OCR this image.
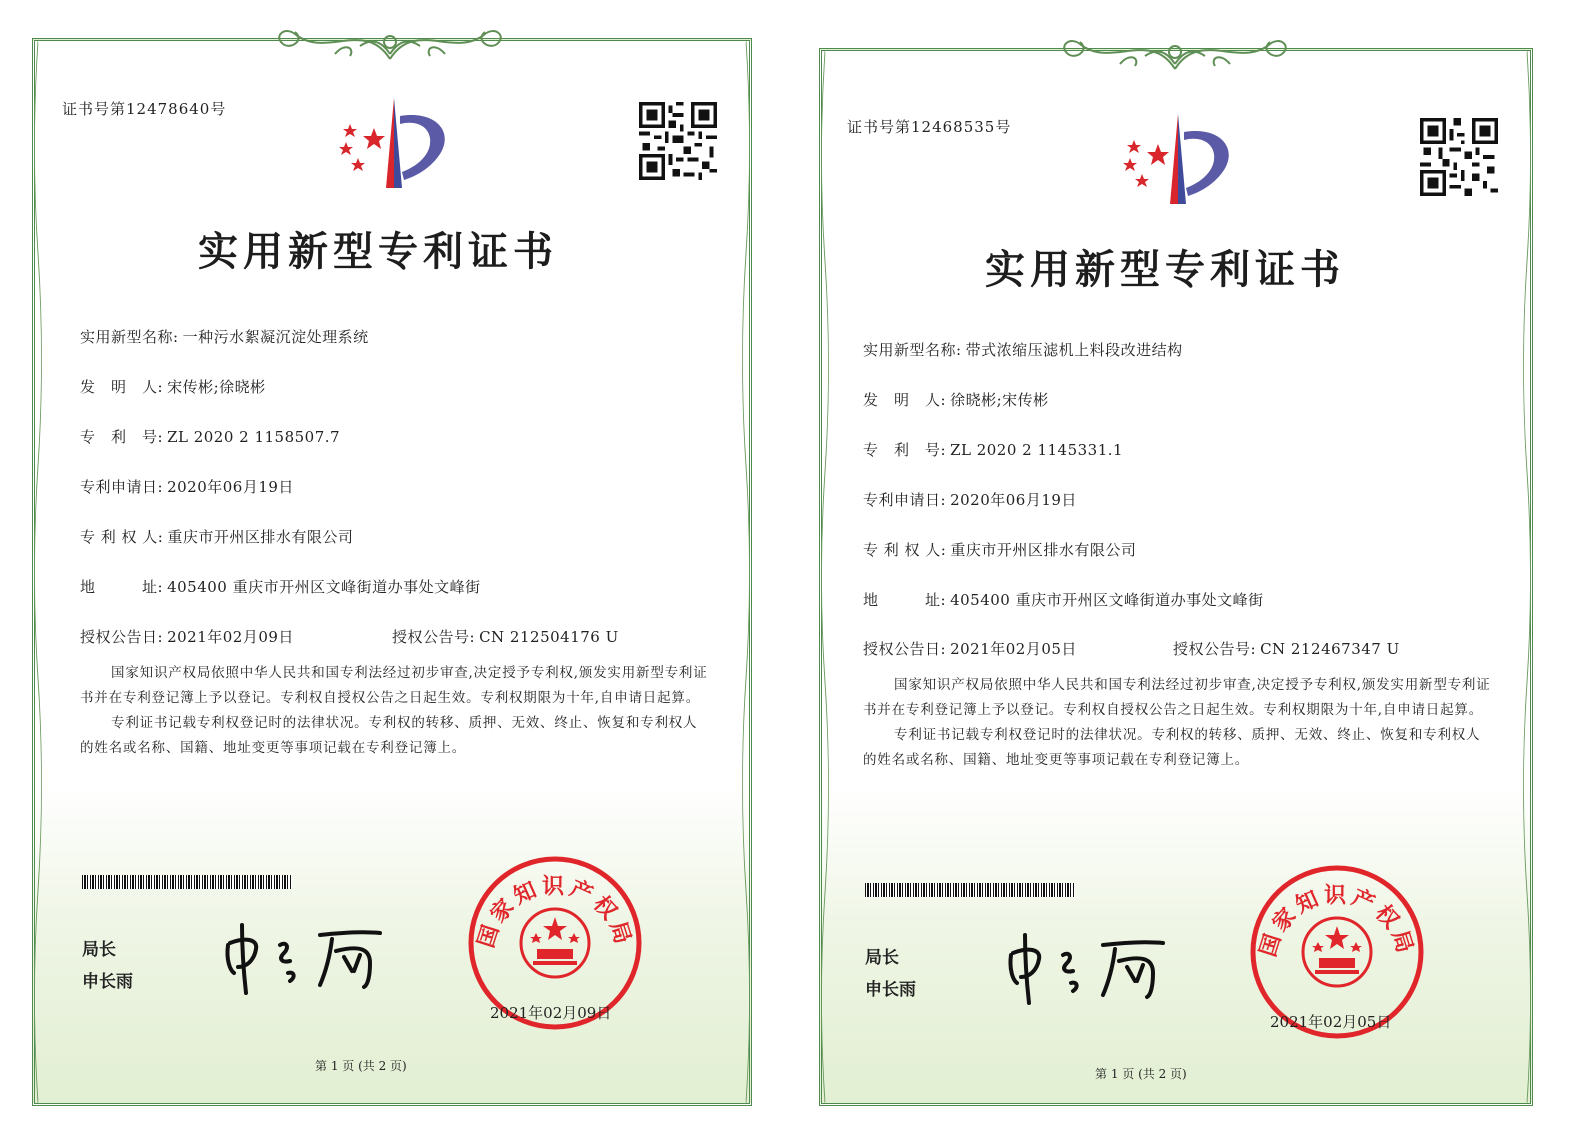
证书号第12478640号
实用新型专利证书
实用新型名称: 一种污水絮凝沉淀处理系统
发　明　人: 宋传彬;徐晓彬
专　利　号: ZL 2020 2 1158507.7
专利申请日: 2020年06月19日
专 利 权 人: 重庆市开州区排水有限公司
地　　　址: 405400 重庆市开州区文峰街道办事处文峰街
授权公告日: 2021年02月09日	授权公告号: CN 212504176 U

国家知识产权局依照中华人民共和国专利法经过初步审查,决定授予专利权,颁发实用新型专利证书并在专利登记簿上予以登记。专利权自授权公告之日起生效。专利权期限为十年,自申请日起算。

专利证书记载专利权登记时的法律状况。专利权的转移、质押、无效、终止、恢复和专利权人的姓名或名称、国籍、地址变更等事项记载在专利登记簿上。

局长
申长雨
国家知识产权局
2021年02月09日
第 1 页 (共 2 页)
证书号第12468535号
实用新型专利证书
实用新型名称: 带式浓缩压滤机上料段改进结构
发　明　人: 徐晓彬;宋传彬
专　利　号: ZL 2020 2 1145331.1
专利申请日: 2020年06月19日
专 利 权 人: 重庆市开州区排水有限公司
地　　　址: 405400 重庆市开州区文峰街道办事处文峰街
授权公告日: 2021年02月05日	授权公告号: CN 212467347 U

国家知识产权局依照中华人民共和国专利法经过初步审查,决定授予专利权,颁发实用新型专利证书并在专利登记簿上予以登记。专利权自授权公告之日起生效。专利权期限为十年,自申请日起算。

专利证书记载专利权登记时的法律状况。专利权的转移、质押、无效、终止、恢复和专利权人的姓名或名称、国籍、地址变更等事项记载在专利登记簿上。

局长
申长雨
国家知识产权局
2021年02月05日
第 1 页 (共 2 页)
